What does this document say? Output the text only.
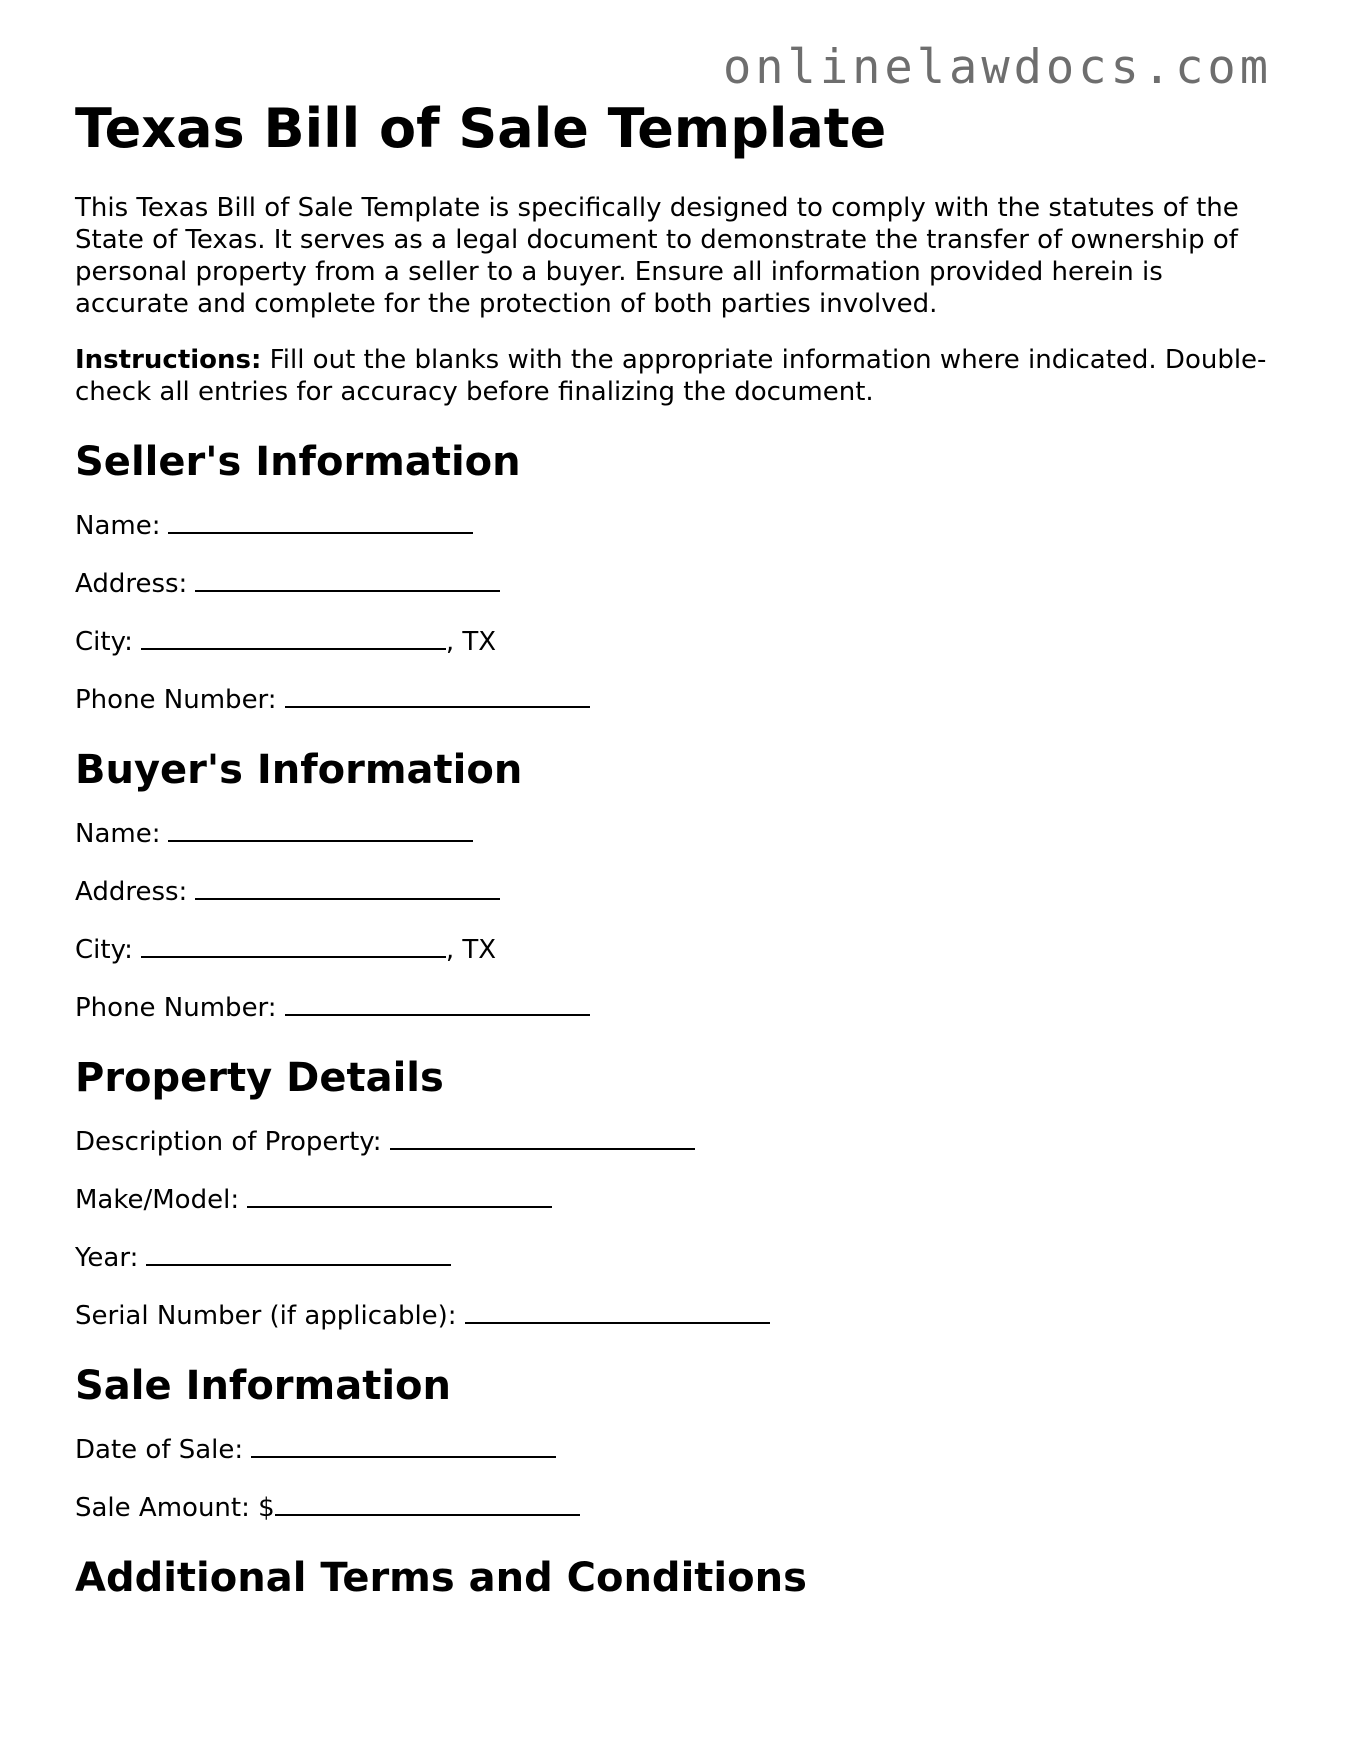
onlinelawdocs.com
Texas Bill of Sale Template

This Texas Bill of Sale Template is specifically designed to comply with the statutes of the State of Texas. It serves as a legal document to demonstrate the transfer of ownership of personal property from a seller to a buyer. Ensure all information provided herein is accurate and complete for the protection of both parties involved.

Instructions: Fill out the blanks with the appropriate information where indicated. Double-check all entries for accuracy before finalizing the document.

Seller's Information
Name:
Address:
City:	, TX
Phone Number:
Buyer's Information
Name:
Address:
City:	, TX
Phone Number:
Property Details
Description of Property:
Make/Model:
Year:
Serial Number (if applicable):
Sale Information
Date of Sale:
Sale Amount: $
Additional Terms and Conditions
